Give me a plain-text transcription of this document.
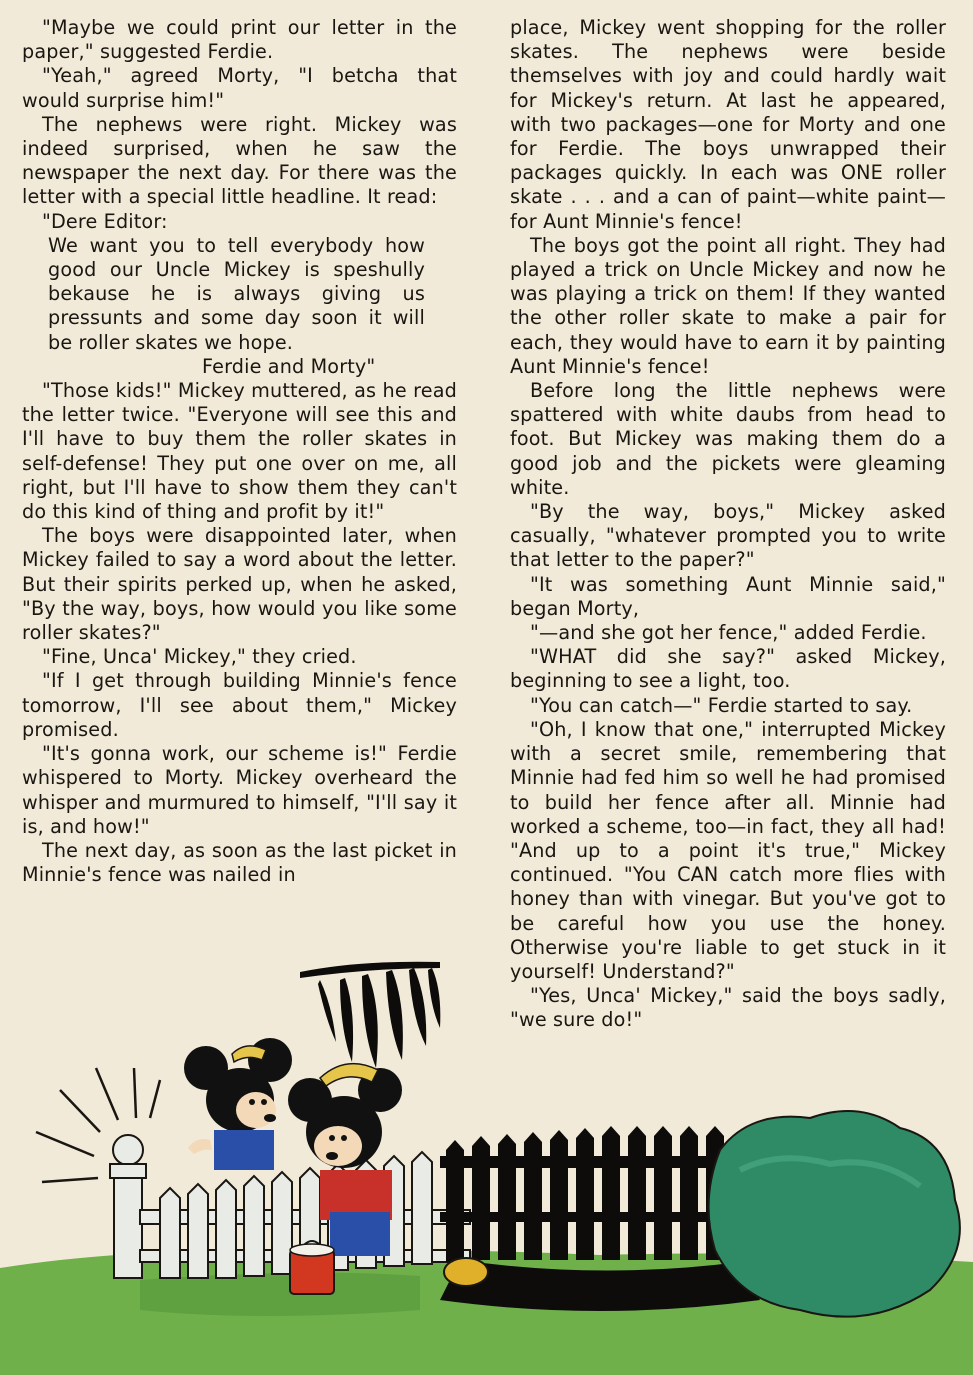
"Maybe we could print our letter in the paper," suggested Ferdie.

"Yeah," agreed Morty, "I betcha that would surprise him!"

The nephews were right. Mickey was indeed surprised, when he saw the newspaper the next day. For there was the letter with a special little headline. It read:

"Dere Editor:

We want you to tell everybody how good our Uncle Mickey is speshully bekause he is always giving us pressunts and some day soon it will be roller skates we hope.

Ferdie and Morty"

"Those kids!" Mickey muttered, as he read the letter twice. "Everyone will see this and I'll have to buy them the roller skates in self-defense! They put one over on me, all right, but I'll have to show them they can't do this kind of thing and profit by it!"

The boys were disappointed later, when Mickey failed to say a word about the letter. But their spirits perked up, when he asked, "By the way, boys, how would you like some roller skates?"

"Fine, Unca' Mickey," they cried.

"If I get through building Minnie's fence tomorrow, I'll see about them," Mickey promised.

"It's gonna work, our scheme is!" Ferdie whispered to Morty. Mickey overheard the whisper and murmured to himself, "I'll say it is, and how!"

The next day, as soon as the last picket in Minnie's fence was nailed in

place, Mickey went shopping for the roller skates. The nephews were beside themselves with joy and could hardly wait for Mickey's return. At last he appeared, with two packages—one for Morty and one for Ferdie. The boys unwrapped their packages quickly. In each was ONE roller skate . . . and a can of paint—white paint—for Aunt Minnie's fence!

The boys got the point all right. They had played a trick on Uncle Mickey and now he was playing a trick on them! If they wanted the other roller skate to make a pair for each, they would have to earn it by painting Aunt Minnie's fence!

Before long the little nephews were spattered with white daubs from head to foot. But Mickey was making them do a good job and the pickets were gleaming white.

"By the way, boys," Mickey asked casually, "whatever prompted you to write that letter to the paper?"

"It was something Aunt Minnie said," began Morty,

"—and she got her fence," added Ferdie.

"WHAT did she say?" asked Mickey, beginning to see a light, too.

"You can catch—" Ferdie started to say.

"Oh, I know that one," interrupted Mickey with a secret smile, remembering that Minnie had fed him so well he had promised to build her fence after all. Minnie had worked a scheme, too—in fact, they all had! "And up to a point it's true," Mickey continued. "You CAN catch more flies with honey than with vinegar. But you've got to be careful how you use the honey. Otherwise you're liable to get stuck in it yourself! Understand?"

"Yes, Unca' Mickey," said the boys sadly, "we sure do!"
